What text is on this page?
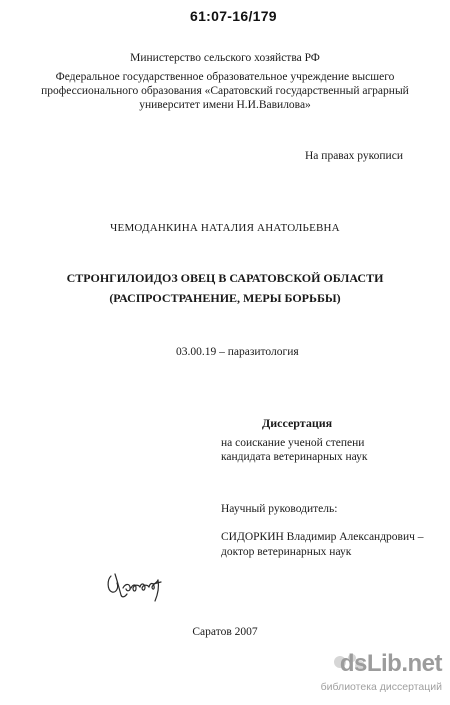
61:07-16/179
Министерство сельского хозяйства РФ
Федеральное государственное образовательное учреждение высшего
профессионального образования «Саратовский государственный аграрный
университет имени Н.И.Вавилова»
На правах рукописи
ЧЕМОДАНКИНА НАТАЛИЯ АНАТОЛЬЕВНА
СТРОНГИЛОИДОЗ ОВЕЦ В САРАТОВСКОЙ ОБЛАСТИ
(РАСПРОСТРАНЕНИЕ, МЕРЫ БОРЬБЫ)
03.00.19 – паразитология
Диссертация
на соискание ученой степени
кандидата ветеринарных наук
Научный руководитель:
СИДОРКИН Владимир Александрович –
доктор ветеринарных наук
Саратов 2007
dsLib.net
библиотека диссертаций
